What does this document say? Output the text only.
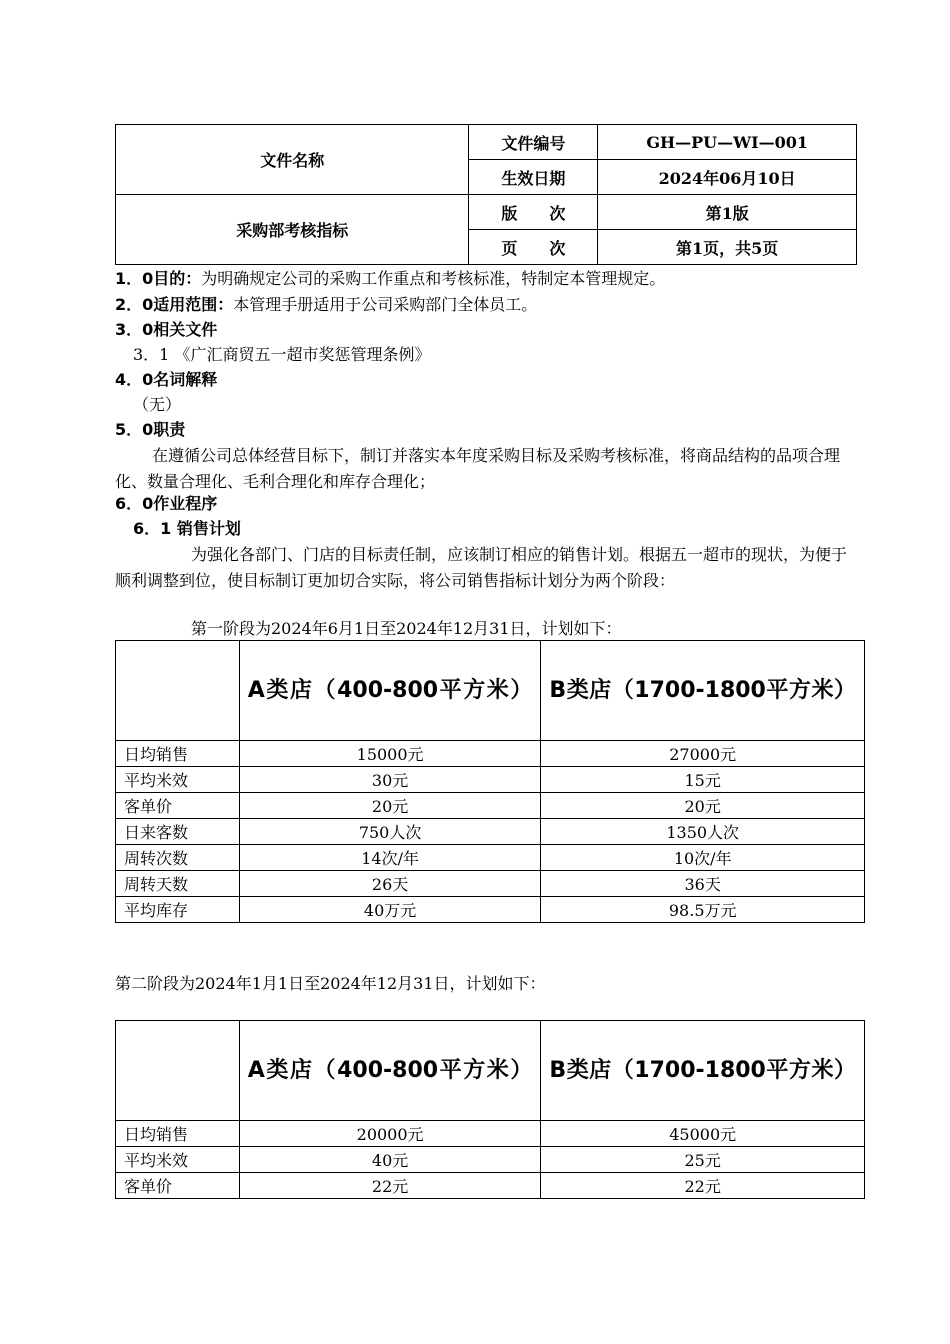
文件名称	文件编号	GH—PU—WI—001
	生效日期	2024年06月10日
采购部考核指标	版　　次	第1版
	页　　次	第1页，共5页
1．0目的：为明确规定公司的采购工作重点和考核标准，特制定本管理规定。
2．0适用范围：本管理手册适用于公司采购部门全体员工。
3．0相关文件
3．1 《广汇商贸五一超市奖惩管理条例》
4．0名词解释
（无）
5．0职责
在遵循公司总体经营目标下，制订并落实本年度采购目标及采购考核标准，将商品结构的品项合理化、数量合理化、毛利合理化和库存合理化；
6．0作业程序
6．1 销售计划
为强化各部门、门店的目标责任制，应该制订相应的销售计划。根据五一超市的现状，为便于顺利调整到位，使目标制订更加切合实际，将公司销售指标计划分为两个阶段：
第一阶段为2024年6月1日至2024年12月31日，计划如下：
	A类店（400-800平方米）	B类店（1700-1800平方米）
日均销售	15000元	27000元
平均米效	30元	15元
客单价	20元	20元
日来客数	750人次	1350人次
周转次数	14次/年	10次/年
周转天数	26天	36天
平均库存	40万元	98.5万元
第二阶段为2024年1月1日至2024年12月31日，计划如下：
	A类店（400-800平方米）	B类店（1700-1800平方米）
日均销售	20000元	45000元
平均米效	40元	25元
客单价	22元	22元
